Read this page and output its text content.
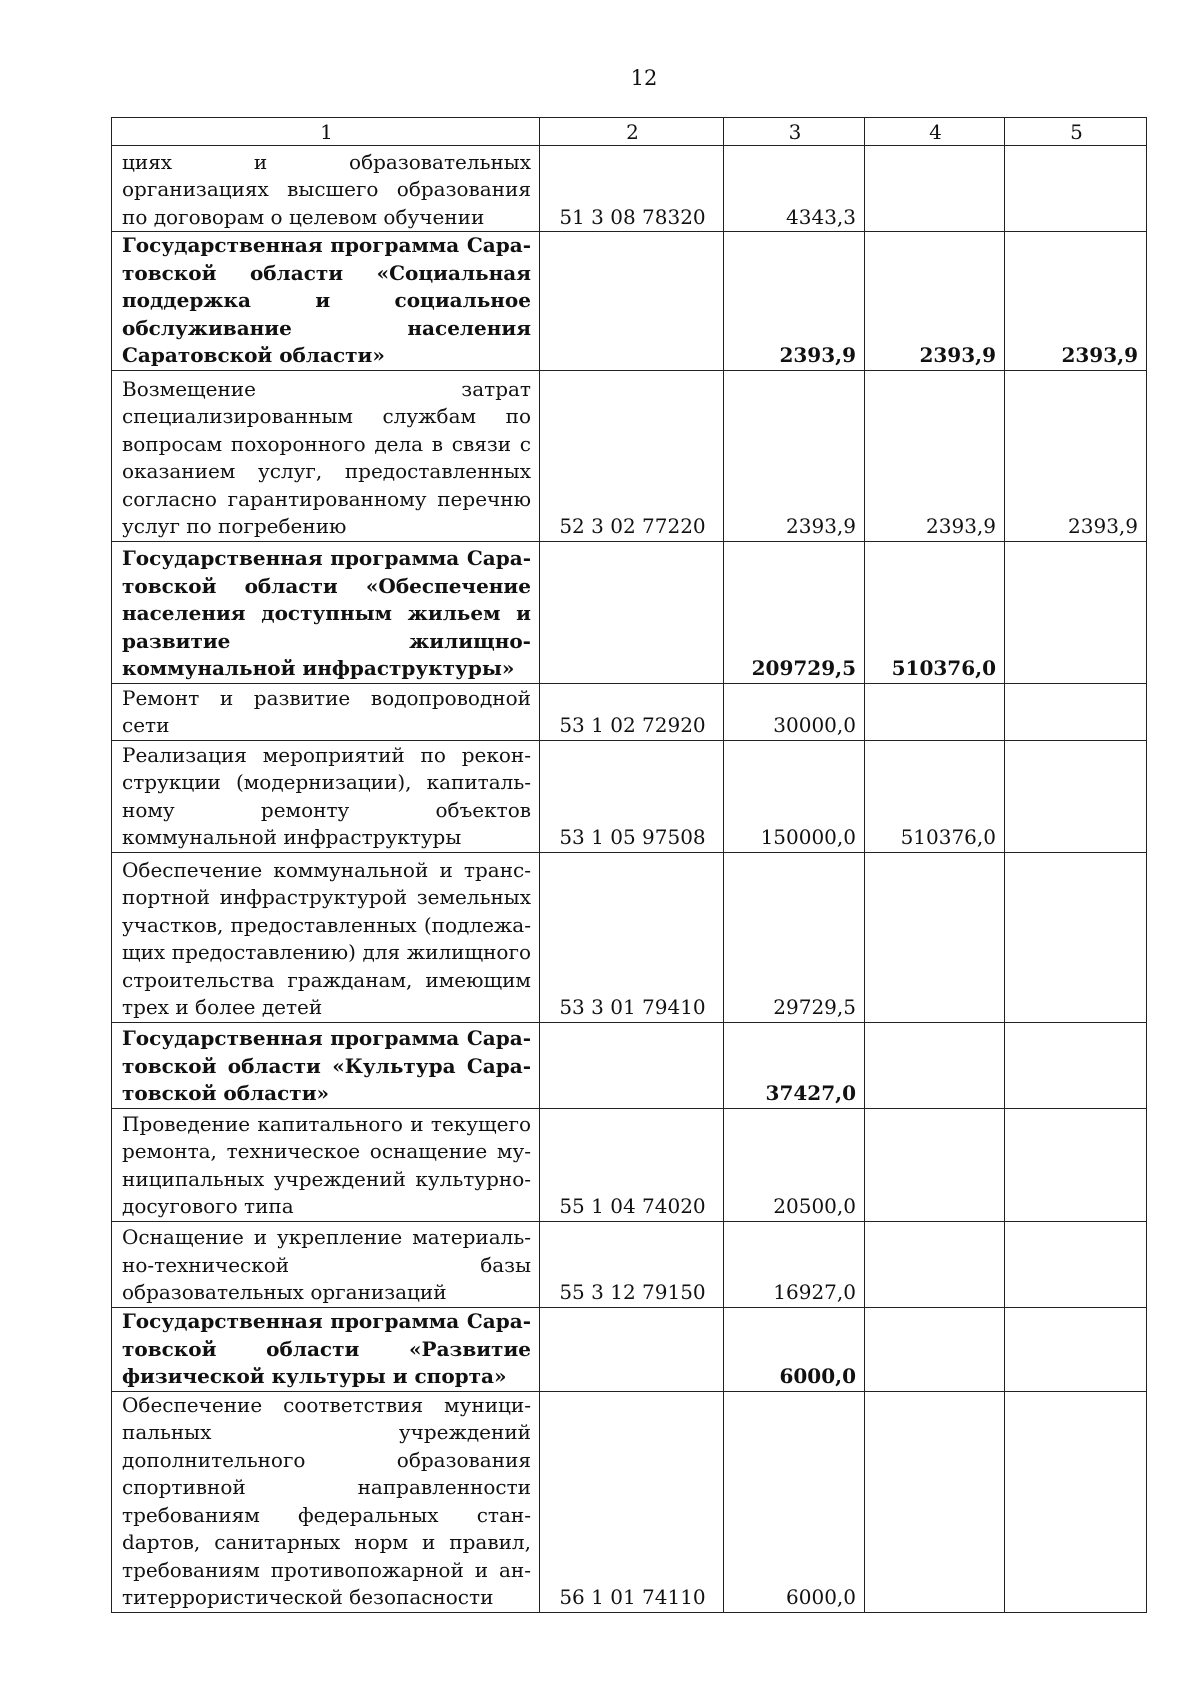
12
1	2	3	4	5
циях и образовательных организациях высшего образования по договорам о целевом обучении	51 3 08 78320	4343,3		
Государственная программа Саратовской области «Социальная поддержка и социальное обслуживание населения Саратовской области»		2393,9	2393,9	2393,9
Возмещение затрат специализированным службам по вопросам похоронного дела в связи с оказанием услуг, предоставленных согласно гарантированному перечню услуг по погребению	52 3 02 77220	2393,9	2393,9	2393,9
Государственная программа Саратовской области «Обеспечение населения доступным жильем и развитие жилищно-коммунальной инфраструктуры»		209729,5	510376,0	
Ремонт и развитие водопроводной сети	53 1 02 72920	30000,0		
Реализация мероприятий по реконструкции (модернизации), капитальному ремонту объектов коммунальной инфраструктуры	53 1 05 97508	150000,0	510376,0	
Обеспечение коммунальной и транспортной инфраструктурой земельных участков, предоставленных (подлежащих предоставлению) для жилищного строительства гражданам, имеющим трех и более детей	53 3 01 79410	29729,5		
Государственная программа Саратовской области «Культура Саратовской области»		37427,0		
Проведение капитального и текущего ремонта, техническое оснащение муниципальных учреждений культурно-досугового типа	55 1 04 74020	20500,0		
Оснащение и укрепление материально-технической базы образовательных организаций	55 3 12 79150	16927,0		
Государственная программа Саратовской области «Развитие физической культуры и спорта»		6000,0		
Обеспечение соответствия муниципальных учреждений дополнительного образования спортивной направленности требованиям федеральных станdартов, санитарных норм и правил, требованиям противопожарной и антитеррористической безопасности	56 1 01 74110	6000,0		
